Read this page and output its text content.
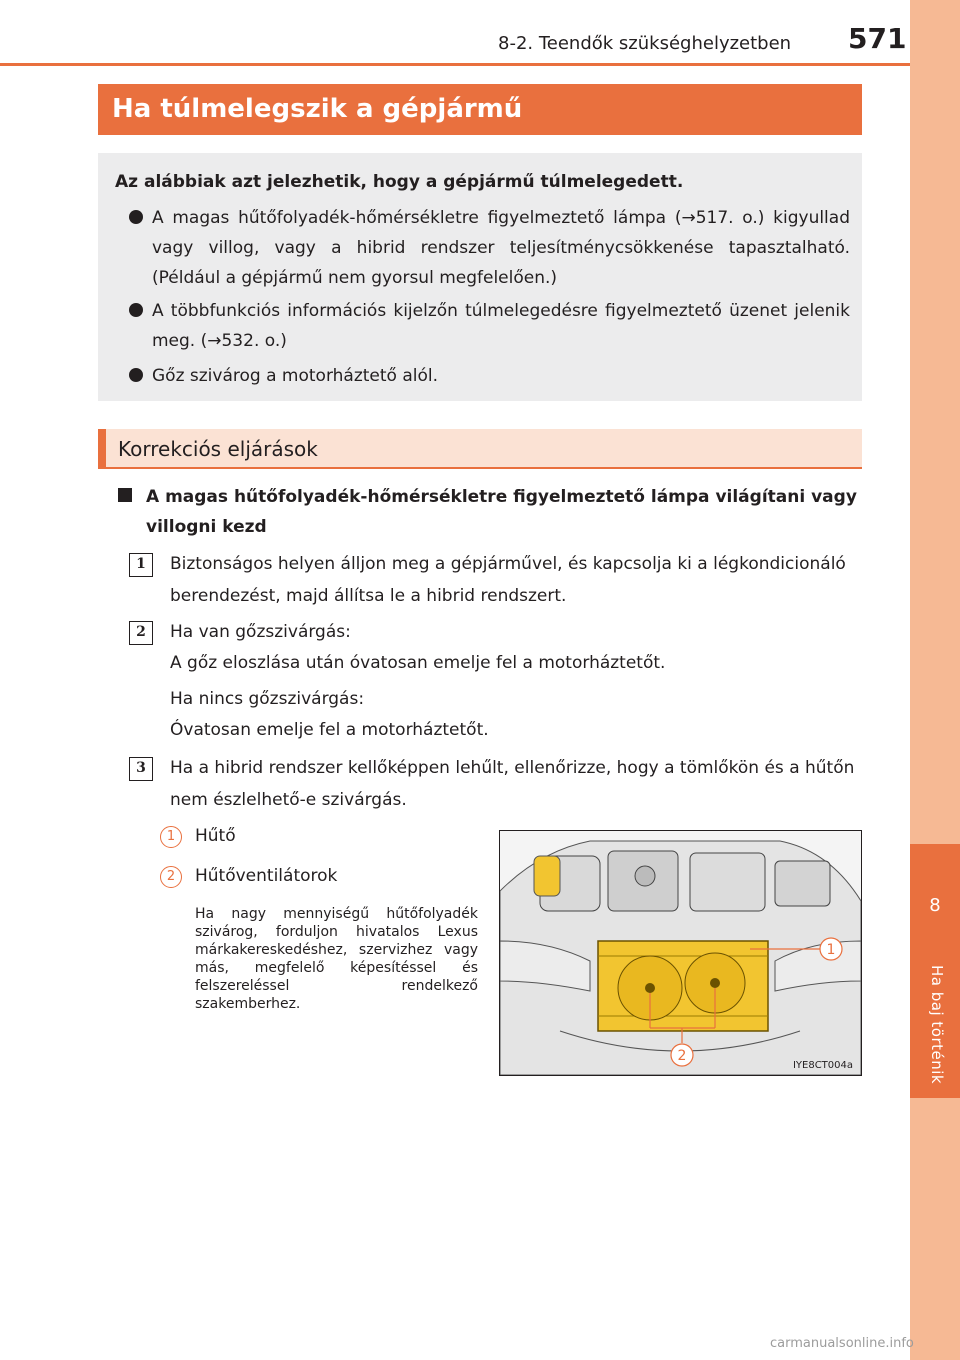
8
Ha baj történik
8-2. Teendők szükséghelyzetben 571
Ha túlmelegszik a gépjármű
Az alábbiak azt jelezhetik, hogy a gépjármű túlmelegedett.
A magas hűtőfolyadék-hőmérsékletre figyelmeztető lámpa (→517. o.) kigyullad vagy villog, vagy a hibrid rendszer teljesítménycsökkenése tapasztalható. (Például a gépjármű nem gyorsul megfelelően.)
A többfunkciós információs kijelzőn túlmelegedésre figyelmeztető üzenet jelenik meg. (→532. o.)
Gőz szivárog a motorháztető alól.
Korrekciós eljárások
A magas hűtőfolyadék-hőmérsékletre figyelmeztető lámpa világítani vagy villogni kezd
1	Biztonságos helyen álljon meg a gépjárművel, és kapcsolja ki a légkondicionáló berendezést, majd állítsa le a hibrid rendszert.
2	Ha van gőzszivárgás:
A gőz eloszlása után óvatosan emelje fel a motorháztetőt.
Ha nincs gőzszivárgás:
Óvatosan emelje fel a motorháztetőt.
3	Ha a hibrid rendszer kellőképpen lehűlt, ellenőrizze, hogy a tömlőkön és a hűtőn nem észlelhető-e szivárgás.
1	Hűtő
2	Hűtőventilátorok
Ha nagy mennyiségű hűtőfolyadék szivárog, forduljon hivatalos Lexus márkakereskedéshez, szervizhez vagy más, megfelelő képesítéssel és felszereléssel rendelkező szakemberhez.
1
2
IYE8CT004a
carmanualsonline.info
